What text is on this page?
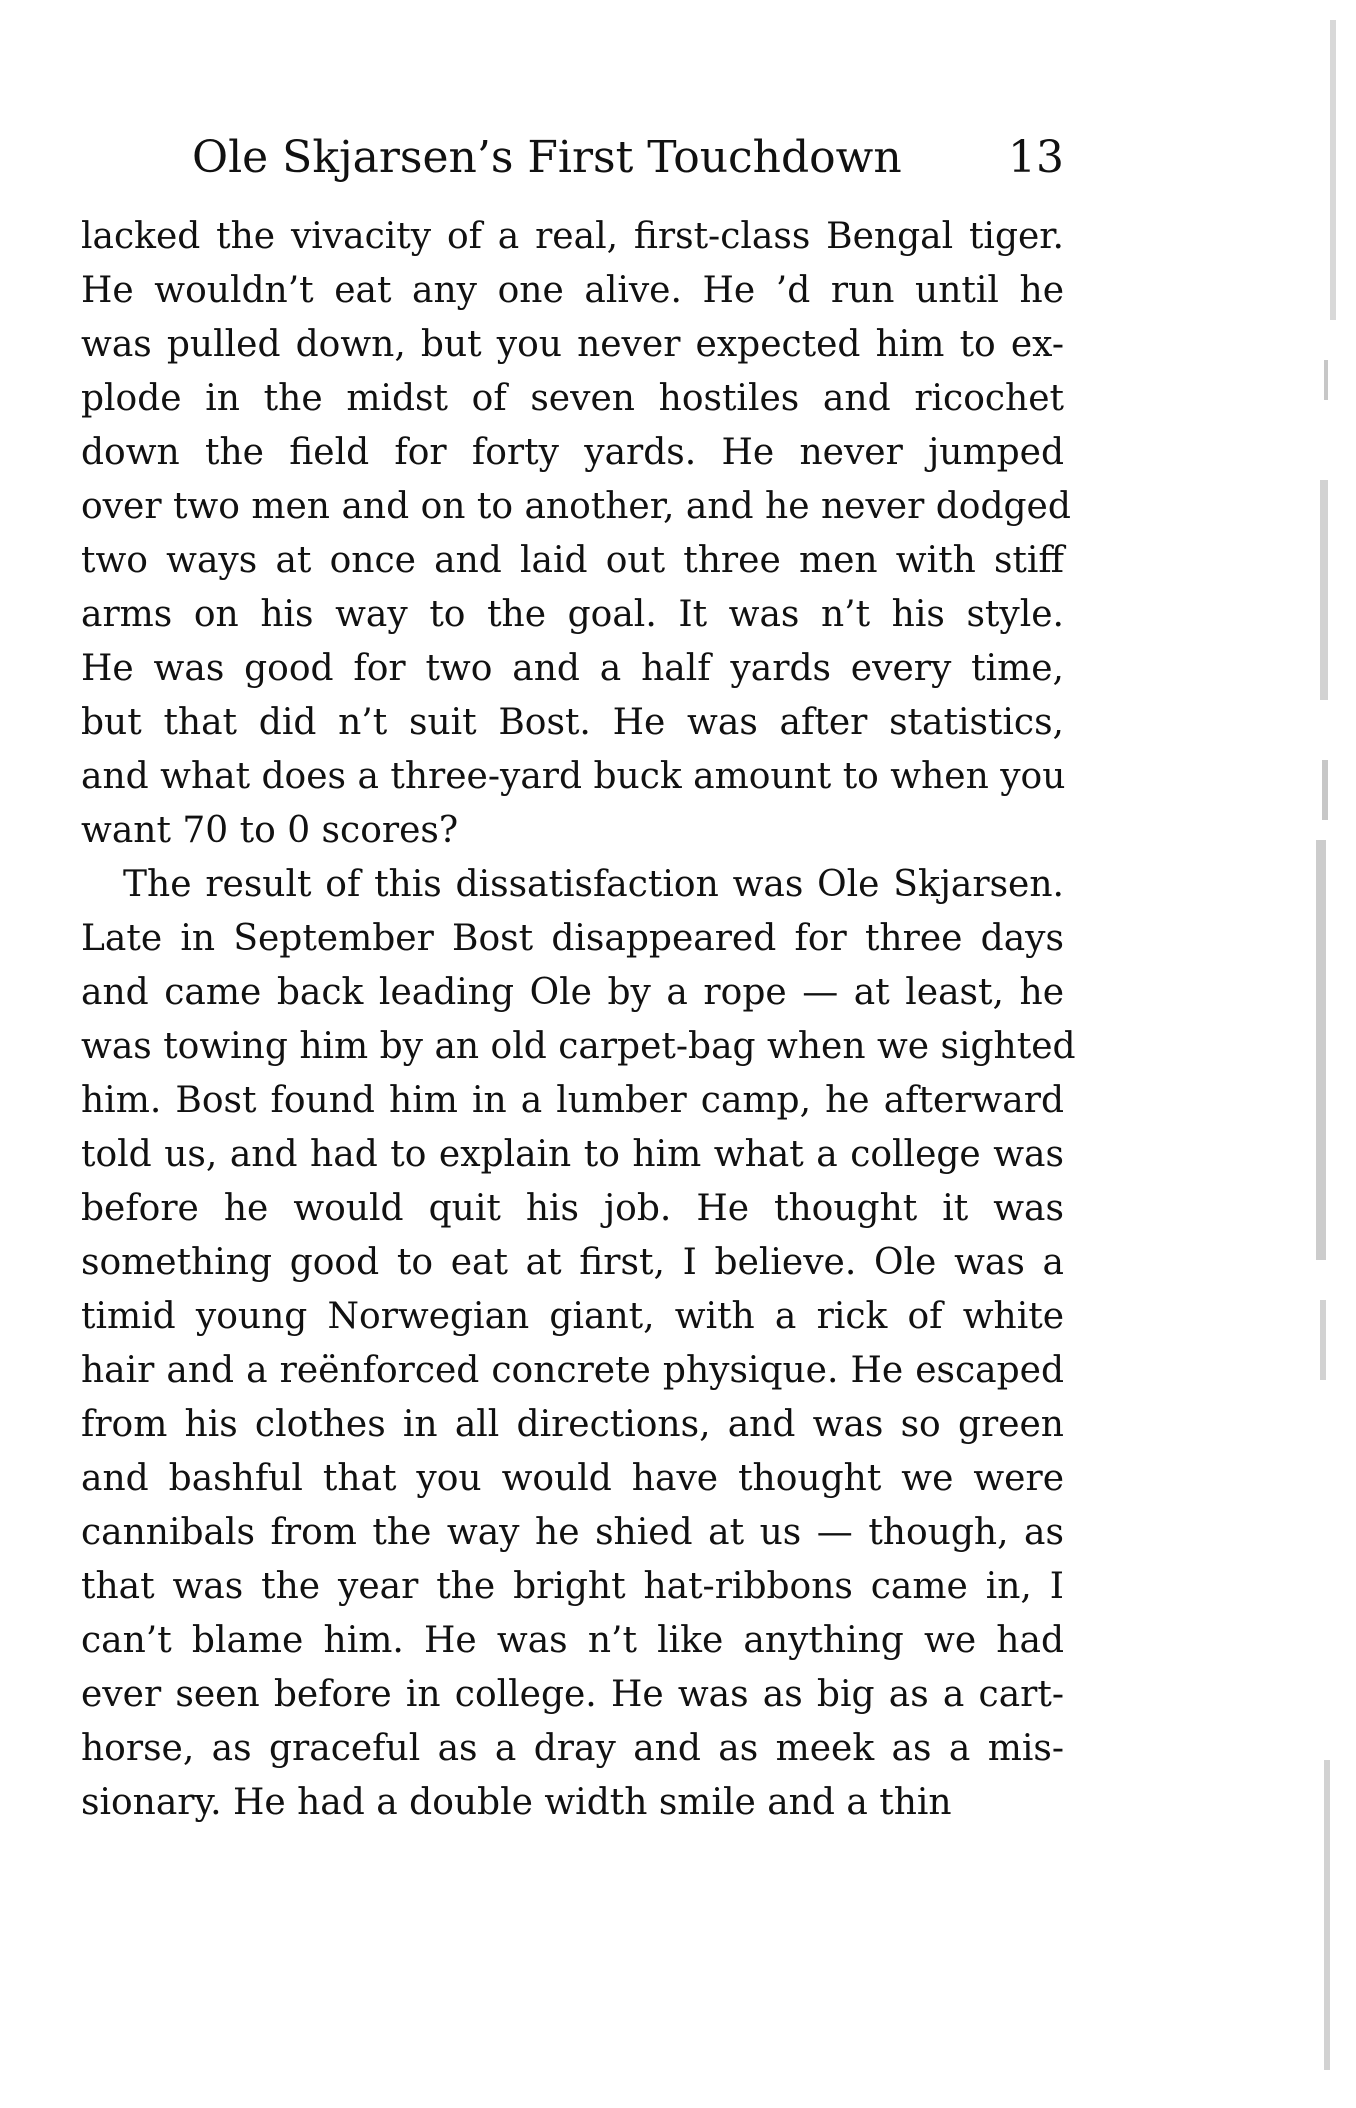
Ole Skjarsen’s First Touchdown 13
lacked the vivacity of a real, first-class Bengal tiger.
He wouldn’t eat any one alive. He ’d run until he
was pulled down, but you never expected him to ex-
plode in the midst of seven hostiles and ricochet
down the field for forty yards. He never jumped
over two men and on to another, and he never dodged
two ways at once and laid out three men with stiff
arms on his way to the goal. It was n’t his style.
He was good for two and a half yards every time,
but that did n’t suit Bost. He was after statistics,
and what does a three-yard buck amount to when you
want 70 to 0 scores?
The result of this dissatisfaction was Ole Skjarsen.
Late in September Bost disappeared for three days
and came back leading Ole by a rope — at least, he
was towing him by an old carpet-bag when we sighted
him. Bost found him in a lumber camp, he afterward
told us, and had to explain to him what a college was
before he would quit his job. He thought it was
something good to eat at first, I believe. Ole was a
timid young Norwegian giant, with a rick of white
hair and a reënforced concrete physique. He escaped
from his clothes in all directions, and was so green
and bashful that you would have thought we were
cannibals from the way he shied at us — though, as
that was the year the bright hat-ribbons came in, I
can’t blame him. He was n’t like anything we had
ever seen before in college. He was as big as a cart-
horse, as graceful as a dray and as meek as a mis-
sionary. He had a double width smile and a thin
